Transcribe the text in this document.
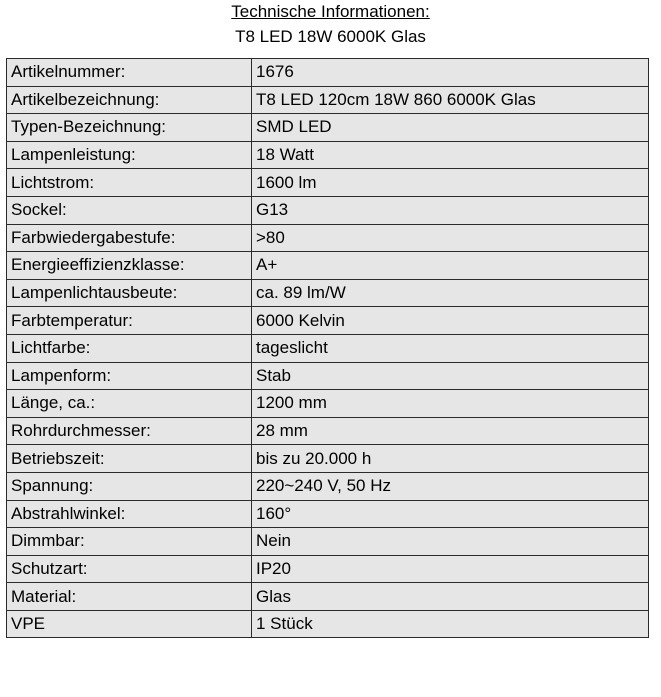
Technische Informationen:
T8 LED 18W 6000K Glas
Artikelnummer:	1676
Artikelbezeichnung:	T8 LED 120cm 18W 860 6000K Glas
Typen-Bezeichnung:	SMD LED
Lampenleistung:	18 Watt
Lichtstrom:	1600 lm
Sockel:	G13
Farbwiedergabestufe:	>80
Energieeffizienzklasse:	A+
Lampenlichtausbeute:	ca. 89 lm/W
Farbtemperatur:	6000 Kelvin
Lichtfarbe:	tageslicht
Lampenform:	Stab
Länge, ca.:	1200 mm
Rohrdurchmesser:	28 mm
Betriebszeit:	bis zu 20.000 h
Spannung:	220~240 V, 50 Hz
Abstrahlwinkel:	160°
Dimmbar:	Nein
Schutzart:	IP20
Material:	Glas
VPE	1 Stück
